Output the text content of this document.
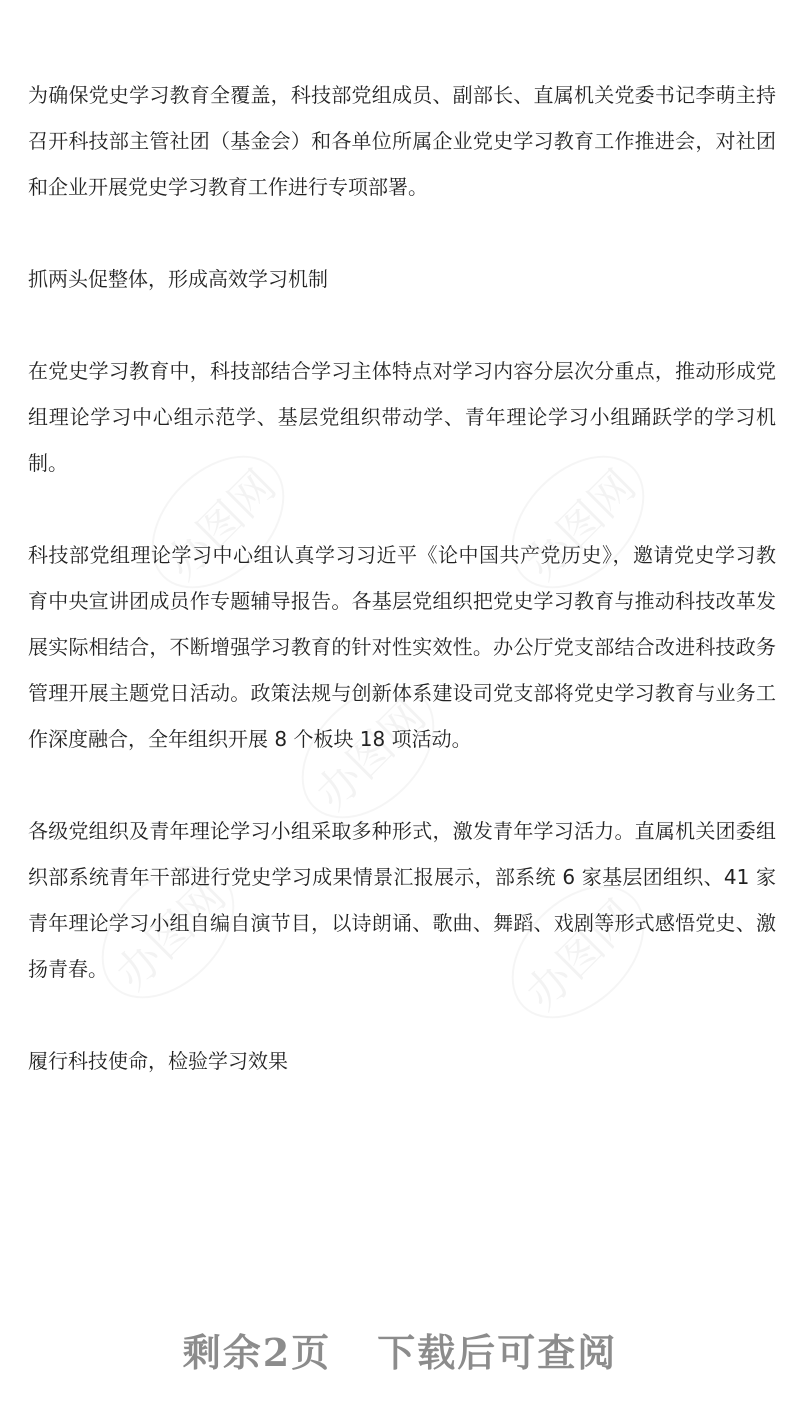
办图网	办图网
办图网
办图网	办图网

为确保党史学习教育全覆盖，科技部党组成员、副部长、直属机关党委书记李萌主持召开科技部主管社团（基金会）和各单位所属企业党史学习教育工作推进会，对社团和企业开展党史学习教育工作进行专项部署。

抓两头促整体，形成高效学习机制

在党史学习教育中，科技部结合学习主体特点对学习内容分层次分重点，推动形成党组理论学习中心组示范学、基层党组织带动学、青年理论学习小组踊跃学的学习机制。

科技部党组理论学习中心组认真学习习近平《论中国共产党历史》，邀请党史学习教育中央宣讲团成员作专题辅导报告。各基层党组织把党史学习教育与推动科技改革发展实际相结合，不断增强学习教育的针对性实效性。办公厅党支部结合改进科技政务管理开展主题党日活动。政策法规与创新体系建设司党支部将党史学习教育与业务工作深度融合，全年组织开展 8 个板块 18 项活动。

各级党组织及青年理论学习小组采取多种形式，激发青年学习活力。直属机关团委组织部系统青年干部进行党史学习成果情景汇报展示，部系统 6 家基层团组织、41 家青年理论学习小组自编自演节目，以诗朗诵、歌曲、舞蹈、戏剧等形式感悟党史、激扬青春。

履行科技使命，检验学习效果

剩余2页 下载后可查阅
